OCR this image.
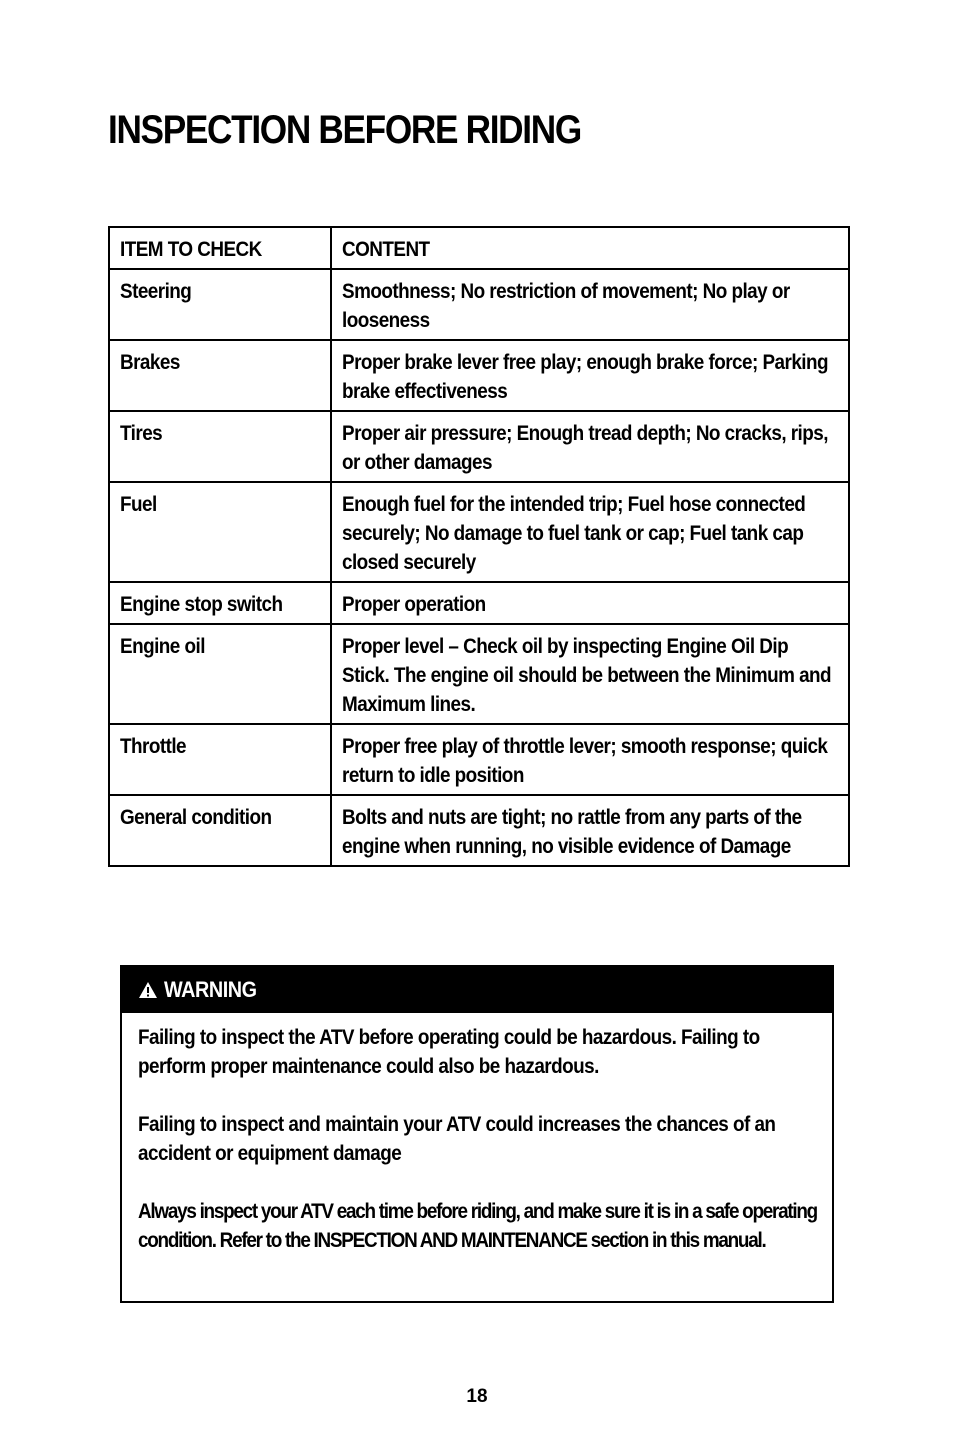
INSPECTION BEFORE RIDING
ITEM TO CHECK	CONTENT

Steering	Smoothness; No restriction of movement; No play or looseness

Brakes	Proper brake lever free play; enough brake force; Parking brake effectiveness

Tires	Proper air pressure; Enough tread depth; No cracks, rips, or other damages

Fuel	Enough fuel for the intended trip; Fuel hose connected securely; No damage to fuel tank or cap; Fuel tank cap closed securely

Engine stop switch	Proper operation

Engine oil	Proper level – Check oil by inspecting Engine Oil Dip Stick. The engine oil should be between the Minimum and Maximum lines.

Throttle	Proper free play of throttle lever; smooth response; quick return to idle position

General condition	Bolts and nuts are tight; no rattle from any parts of the engine when running, no visible evidence of Damage
WARNING

Failing to inspect the ATV before operating could be hazardous. Failing to perform proper maintenance could also be hazardous.

Failing to inspect and maintain your ATV could increases the chances of an accident or equipment damage

Always inspect your ATV each time before riding, and make sure it is in a safe operating condition. Refer to the INSPECTION AND MAINTENANCE section in this manual.

18
